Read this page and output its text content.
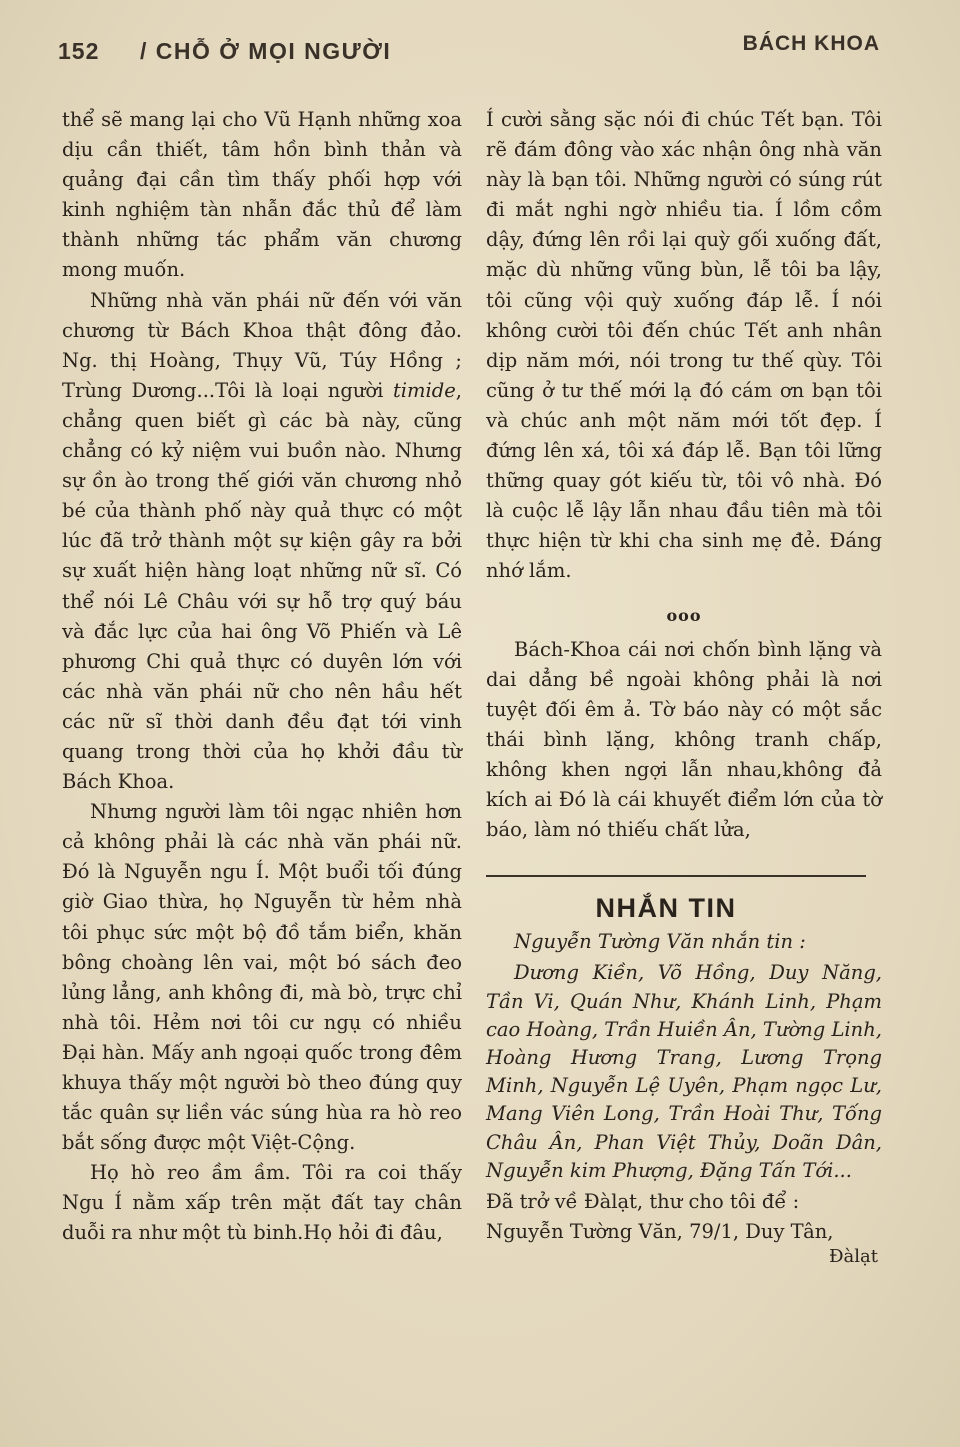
152 / CHỖ Ở MỌI NGƯỜI	BÁCH KHOA

thể sẽ mang lại cho Vũ Hạnh những xoa dịu cần thiết, tâm hồn bình thản và quảng đại cần tìm thấy phối hợp với kinh nghiệm tàn nhẫn đắc thủ để làm thành những tác phẩm văn chương mong muốn.

Những nhà văn phái nữ đến với văn chương từ Bách Khoa thật đông đảo. Ng. thị Hoàng, Thụy Vũ, Túy Hồng ; Trùng Dương...Tôi là loại người timide, chẳng quen biết gì các bà này, cũng chẳng có kỷ niệm vui buồn nào. Nhưng sự ồn ào trong thế giới văn chương nhỏ bé của thành phố này quả thực có một lúc đã trở thành một sự kiện gây ra bởi sự xuất hiện hàng loạt những nữ sĩ. Có thể nói Lê Châu với sự hỗ trợ quý báu và đắc lực của hai ông Võ Phiến và Lê phương Chi quả thực có duyên lớn với các nhà văn phái nữ cho nên hầu hết các nữ sĩ thời danh đều đạt tới vinh quang trong thời của họ khởi đầu từ Bách Khoa.

Nhưng người làm tôi ngạc nhiên hơn cả không phải là các nhà văn phái nữ. Đó là Nguyễn ngu Í. Một buổi tối đúng giờ Giao thừa, họ Nguyễn từ hẻm nhà tôi phục sức một bộ đồ tắm biển, khăn bông choàng lên vai, một bó sách đeo lủng lẳng, anh không đi, mà bò, trực chỉ nhà tôi. Hẻm nơi tôi cư ngụ có nhiều Đại hàn. Mấy anh ngoại quốc trong đêm khuya thấy một người bò theo đúng quy tắc quân sự liền vác súng hùa ra hò reo bắt sống được một Việt-Cộng.

Họ hò reo ầm ầm. Tôi ra coi thấy Ngu Í nằm xấp trên mặt đất tay chân duỗi ra như một tù binh.Họ hỏi đi đâu,

Í cười sằng sặc nói đi chúc Tết bạn. Tôi rẽ đám đông vào xác nhận ông nhà văn này là bạn tôi. Những người có súng rút đi mắt nghi ngờ nhiều tia. Í lồm cồm dậy, đứng lên rồi lại quỳ gối xuống đất, mặc dù những vũng bùn, lễ tôi ba lậy, tôi cũng vội quỳ xuống đáp lễ. Í nói không cười tôi đến chúc Tết anh nhân dịp năm mới, nói trong tư thế qùy. Tôi cũng ở tư thế mới lạ đó cám ơn bạn tôi và chúc anh một năm mới tốt đẹp. Í đứng lên xá, tôi xá đáp lễ. Bạn tôi lững thững quay gót kiếu từ, tôi vô nhà. Đó là cuộc lễ lậy lẫn nhau đầu tiên mà tôi thực hiện từ khi cha sinh mẹ đẻ. Đáng nhớ lắm.

ooo

Bách-Khoa cái nơi chốn bình lặng và dai dẳng bề ngoài không phải là nơi tuyệt đối êm ả. Tờ báo này có một sắc thái bình lặng, không tranh chấp, không khen ngợi lẫn nhau,không đả kích ai Đó là cái khuyết điểm lớn của tờ báo, làm nó thiếu chất lửa,

NHẮN TIN
Nguyễn Tường Văn nhắn tin :
Dương Kiền, Võ Hồng, Duy Năng, Tần Vi, Quán Như, Khánh Linh, Phạm cao Hoàng, Trần Huiền Ân, Tường Linh, Hoàng Hương Trang, Lương Trọng Minh, Nguyễn Lệ Uyên, Phạm ngọc Lư, Mang Viên Long, Trần Hoài Thư, Tống Châu Ân, Phan Việt Thủy, Doãn Dân, Nguyễn kim Phượng, Đặng Tấn Tới...
Đã trở về Đàlạt, thư cho tôi để : Nguyễn Tường Văn, 79/1, Duy Tân,
Đàlạt
